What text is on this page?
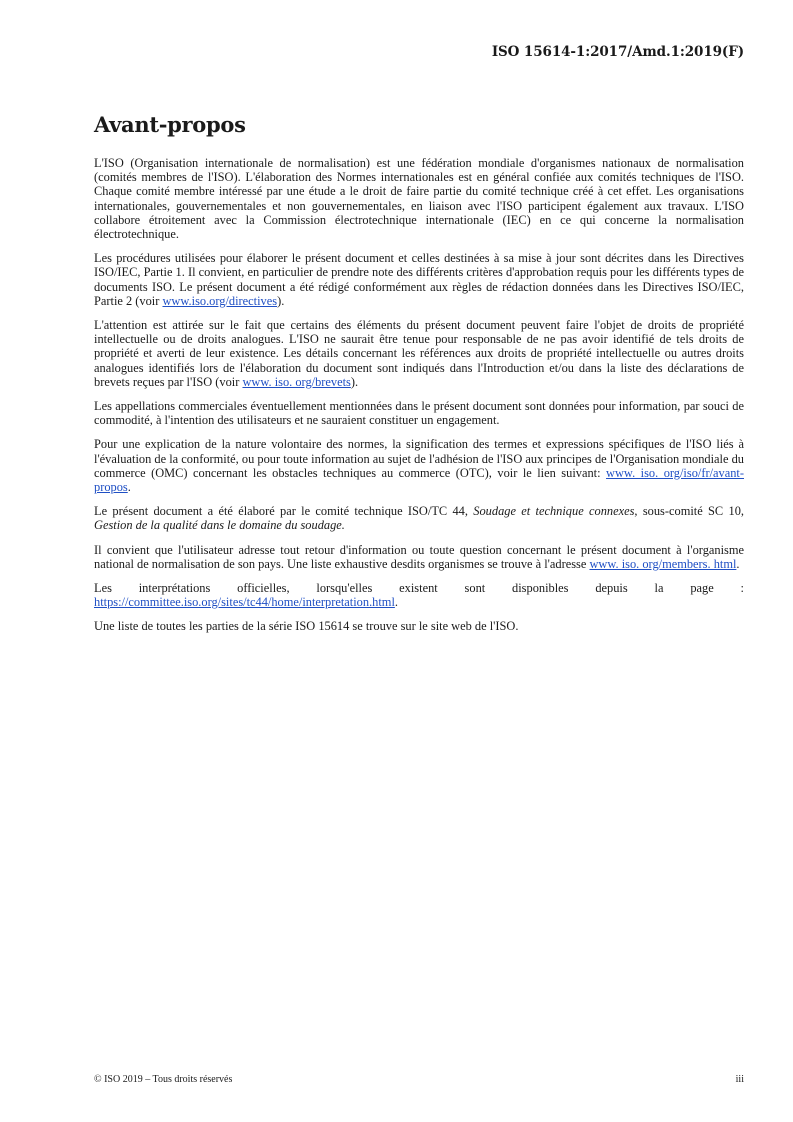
ISO 15614-1:2017/Amd.1:2019(F)
Avant-propos

L'ISO (Organisation internationale de normalisation) est une fédération mondiale d'organismes nationaux de normalisation (comités membres de l'ISO). L'élaboration des Normes internationales est en général confiée aux comités techniques de l'ISO. Chaque comité membre intéressé par une étude a le droit de faire partie du comité technique créé à cet effet. Les organisations internationales, gouvernementales et non gouvernementales, en liaison avec l'ISO participent également aux travaux. L'ISO collabore étroitement avec la Commission électrotechnique internationale (IEC) en ce qui concerne la normalisation électrotechnique.

Les procédures utilisées pour élaborer le présent document et celles destinées à sa mise à jour sont décrites dans les Directives ISO/IEC, Partie 1. Il convient, en particulier de prendre note des différents critères d'approbation requis pour les différents types de documents ISO. Le présent document a été rédigé conformément aux règles de rédaction données dans les Directives ISO/IEC, Partie 2 (voir www.iso.org/directives).

L'attention est attirée sur le fait que certains des éléments du présent document peuvent faire l'objet de droits de propriété intellectuelle ou de droits analogues. L'ISO ne saurait être tenue pour responsable de ne pas avoir identifié de tels droits de propriété et averti de leur existence. Les détails concernant les références aux droits de propriété intellectuelle ou autres droits analogues identifiés lors de l'élaboration du document sont indiqués dans l'Introduction et/ou dans la liste des déclarations de brevets reçues par l'ISO (voir www. iso. org/brevets).

Les appellations commerciales éventuellement mentionnées dans le présent document sont données pour information, par souci de commodité, à l'intention des utilisateurs et ne sauraient constituer un engagement.

Pour une explication de la nature volontaire des normes, la signification des termes et expressions spécifiques de l'ISO liés à l'évaluation de la conformité, ou pour toute information au sujet de l'adhésion de l'ISO aux principes de l'Organisation mondiale du commerce (OMC) concernant les obstacles techniques au commerce (OTC), voir le lien suivant: www. iso. org/iso/fr/avant-propos.

Le présent document a été élaboré par le comité technique ISO/TC 44, Soudage et technique connexes, sous-comité SC 10, Gestion de la qualité dans le domaine du soudage.

Il convient que l'utilisateur adresse tout retour d'information ou toute question concernant le présent document à l'organisme national de normalisation de son pays. Une liste exhaustive desdits organismes se trouve à l'adresse www. iso. org/members. html.

Les interprétations officielles, lorsqu'elles existent sont disponibles depuis la page : https://committee.iso.org/sites/tc44/home/interpretation.html.

Une liste de toutes les parties de la série ISO 15614 se trouve sur le site web de l'ISO.

© ISO 2019 – Tous droits réservés	iii
